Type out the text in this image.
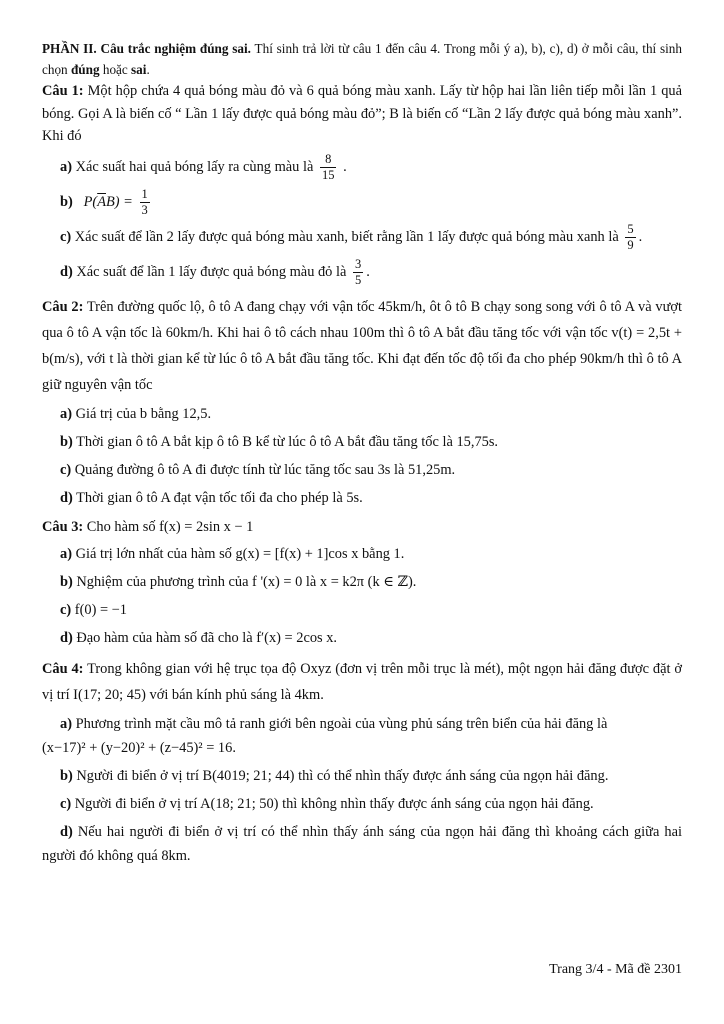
PHẦN II. Câu trắc nghiệm đúng sai. Thí sinh trả lời từ câu 1 đến câu 4. Trong mỗi ý a), b), c), d) ở mỗi câu, thí sinh chọn đúng hoặc sai.

Câu 1: Một hộp chứa 4 quả bóng màu đỏ và 6 quả bóng màu xanh. Lấy từ hộp hai lần liên tiếp mỗi lần 1 quả bóng. Gọi A là biến cố “ Lần 1 lấy được quả bóng màu đỏ”; B là biến cố “Lần 2 lấy được quả bóng màu xanh”. Khi đó

a) Xác suất hai quả bóng lấy ra cùng màu là $\frac{8}{15}$ .

b) $P(\overline{A}B) = \frac{1}{3}$

c) Xác suất để lần 2 lấy được quả bóng màu xanh, biết rằng lần 1 lấy được quả bóng màu xanh là $\frac{5}{9}$ .

d) Xác suất để lần 1 lấy được quả bóng màu đỏ là $\frac{3}{5}$ .

Câu 2: Trên đường quốc lộ, ô tô A đang chạy với vận tốc 45km/h, ôt ô tô B chạy song song với ô tô A và vượt qua ô tô A vận tốc là 60km/h. Khi hai ô tô cách nhau 100m thì ô tô A bắt đầu tăng tốc với vận tốc v(t) = 2,5t + b(m/s), với t là thời gian kể từ lúc ô tô A bắt đầu tăng tốc. Khi đạt đến tốc độ tối đa cho phép 90km/h thì ô tô A giữ nguyên vận tốc

a) Giá trị của b bằng 12,5.

b) Thời gian ô tô A bắt kịp ô tô B kể từ lúc ô tô A bắt đầu tăng tốc là 15,75s.

c) Quảng đường ô tô A đi được tính từ lúc tăng tốc sau 3s là 51,25m.

d) Thời gian ô tô A đạt vận tốc tối đa cho phép là 5s.

Câu 3: Cho hàm số f(x) = 2sin x − 1

a) Giá trị lớn nhất của hàm số g(x) = [f(x) + 1]cos x bằng 1.

b) Nghiệm của phương trình của f '(x) = 0 là x = k2π (k ∈ ℤ).

c) f(0) = −1

d) Đạo hàm của hàm số đã cho là f′(x) = 2cos x.

Câu 4: Trong không gian với hệ trục tọa độ Oxyz (đơn vị trên mỗi trục là mét), một ngọn hải đăng được đặt ở vị trí I(17; 20; 45) với bán kính phủ sáng là 4km.

a) Phương trình mặt cầu mô tả ranh giới bên ngoài của vùng phủ sáng trên biển của hải đăng là
(x−17)² + (y−20)² + (z−45)² = 16.

b) Người đi biển ở vị trí B(4019; 21; 44) thì có thể nhìn thấy được ánh sáng của ngọn hải đăng.

c) Người đi biển ở vị trí A(18; 21; 50) thì không nhìn thấy được ánh sáng của ngọn hải đăng.

d) Nếu hai người đi biển ở vị trí có thể nhìn thấy ánh sáng của ngọn hải đăng thì khoảng cách giữa hai người đó không quá 8km.

Trang 3/4 - Mã đề 2301
